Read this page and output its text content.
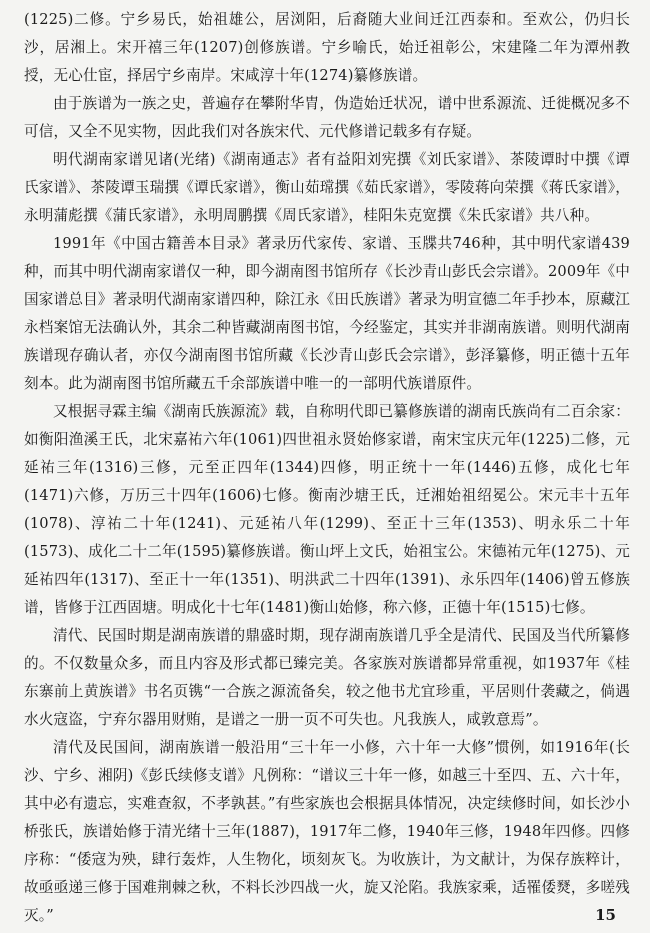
(1225)二修。宁乡易氏，始祖雄公，居浏阳，后裔随大业间迁江西泰和。至欢公，仍归长沙，居湘上。宋开禧三年(1207)创修族谱。宁乡喻氏，始迁祖彰公，宋建隆二年为潭州教授，无心仕宦，择居宁乡南岸。宋咸淳十年(1274)纂修族谱。

由于族谱为一族之史，普遍存在攀附华胄，伪造始迁状况，谱中世系源流、迁徙概况多不可信，又全不见实物，因此我们对各族宋代、元代修谱记载多有存疑。

明代湖南家谱见诸(光绪)《湖南通志》者有益阳刘宪撰《刘氏家谱》、茶陵谭时中撰《谭氏家谱》、茶陵谭玉瑞撰《谭氏家谱》，衡山茹瑺撰《茹氏家谱》，零陵蒋向荣撰《蒋氏家谱》，永明蒲彪撰《蒲氏家谱》，永明周鹏撰《周氏家谱》，桂阳朱克宽撰《朱氏家谱》共八种。

1991年《中国古籍善本目录》著录历代家传、家谱、玉牒共746种，其中明代家谱439种，而其中明代湖南家谱仅一种，即今湖南图书馆所存《长沙青山彭氏会宗谱》。2009年《中国家谱总目》著录明代湖南家谱四种，除江永《田氏族谱》著录为明宣德二年手抄本，原藏江永档案馆无法确认外，其余二种皆藏湖南图书馆，今经鉴定，其实并非湖南族谱。则明代湖南族谱现存确认者，亦仅今湖南图书馆所藏《长沙青山彭氏会宗谱》，彭泽纂修，明正德十五年刻本。此为湖南图书馆所藏五千余部族谱中唯一的一部明代族谱原件。

又根据寻霖主编《湖南氏族源流》载，自称明代即已纂修族谱的湖南氏族尚有二百余家：如衡阳渔溪王氏，北宋嘉祐六年(1061)四世祖永贤始修家谱，南宋宝庆元年(1225)二修，元延祐三年(1316)三修，元至正四年(1344)四修，明正统十一年(1446)五修，成化七年(1471)六修，万历三十四年(1606)七修。衡南沙塘王氏，迁湘始祖绍冕公。宋元丰十五年(1078)、淳祐二十年(1241)、元延祐八年(1299)、至正十三年(1353)、明永乐二十年(1573)、成化二十二年(1595)纂修族谱。衡山坪上文氏，始祖宝公。宋德祐元年(1275)、元延祐四年(1317)、至正十一年(1351)、明洪武二十四年(1391)、永乐四年(1406)曾五修族谱，皆修于江西固塘。明成化十七年(1481)衡山始修，称六修，正德十年(1515)七修。

清代、民国时期是湖南族谱的鼎盛时期，现存湖南族谱几乎全是清代、民国及当代所纂修的。不仅数量众多，而且内容及形式都已臻完美。各家族对族谱都异常重视，如1937年《桂东寨前上黄族谱》书名页镌“一合族之源流备矣，较之他书尤宜珍重，平居则什袭藏之，倘遇水火寇盗，宁弃尔器用财贿，是谱之一册一页不可失也。凡我族人，咸敦意焉”。

清代及民国间，湖南族谱一般沿用“三十年一小修，六十年一大修”惯例，如1916年(长沙、宁乡、湘阴)《彭氏续修支谱》凡例称：“谱议三十年一修，如越三十至四、五、六十年，其中必有遗忘，实难查叙，不孝孰甚。”有些家族也会根据具体情况，决定续修时间，如长沙小桥张氏，族谱始修于清光绪十三年(1887)，1917年二修，1940年三修，1948年四修。四修序称：“倭寇为殃，肆行轰炸，人生物化，顷刻灰飞。为收族计，为文献计，为保存族粹计，故亟亟递三修于国难荆棘之秋，不料长沙四战一火，旋又沦陷。我族家乘，适罹倭燹，多嗟残灭。”	15
